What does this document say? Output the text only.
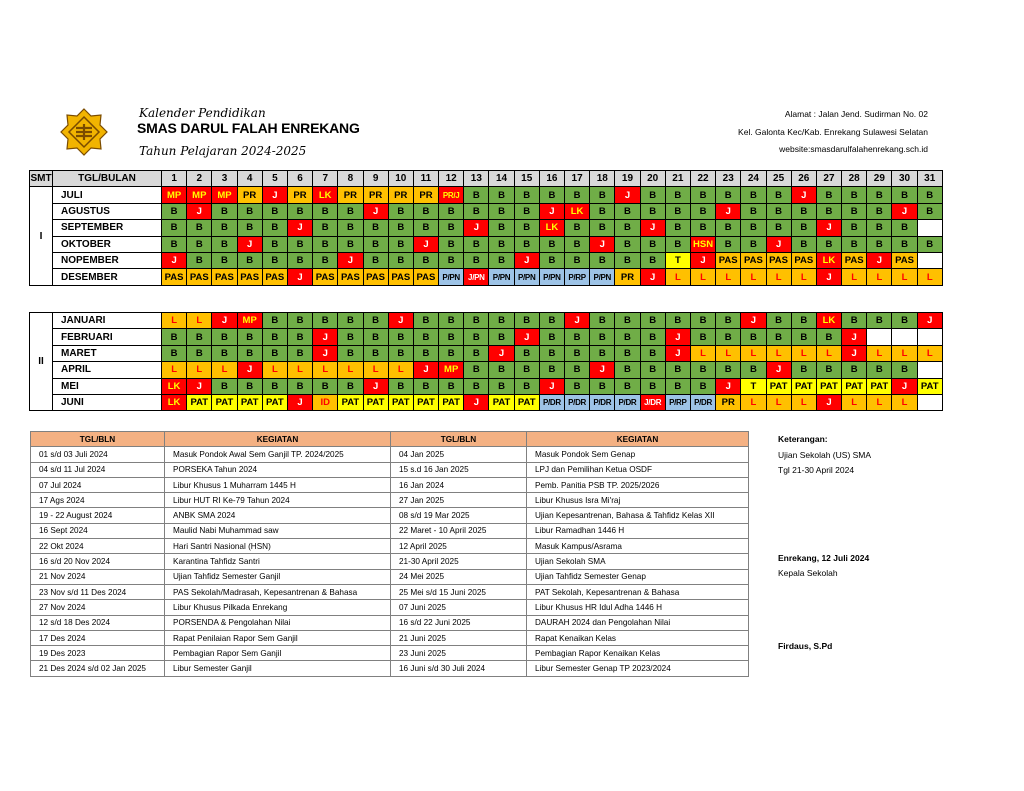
Kalender Pendidikan
SMAS DARUL FALAH ENREKANG
Tahun Pelajaran 2024-2025
Alamat : Jalan Jend. Sudirman No. 02
Kel. Galonta Kec/Kab. Enrekang Sulawesi Selatan
website:smasdarulfalahenrekang.sch.id
SMT	TGL/BULAN	1	2	3	4	5	6	7	8	9	10	11	12	13	14	15	16	17	18	19	20	21	22	23	24	25	26	27	28	29	30	31
I	JULI	MP	MP	MP	PR	J	PR	LK	PR	PR	PR	PR	PR/J	B	B	B	B	B	B	J	B	B	B	B	B	B	J	B	B	B	B	B
	AGUSTUS	B	J	B	B	B	B	B	B	J	B	B	B	B	B	B	J	LK	B	B	B	B	B	J	B	B	B	B	B	B	J	B
	SEPTEMBER	B	B	B	B	B	J	B	B	B	B	B	B	J	B	B	LK	B	B	B	J	B	B	B	B	B	B	J	B	B	B	
	OKTOBER	B	B	B	J	B	B	B	B	B	B	J	B	B	B	B	B	B	J	B	B	B	HSN	B	B	J	B	B	B	B	B	B
	NOPEMBER	J	B	B	B	B	B	B	J	B	B	B	B	B	B	J	B	B	B	B	B	T	J	PAS	PAS	PAS	PAS	LK	PAS	J	PAS	
	DESEMBER	PAS	PAS	PAS	PAS	PAS	J	PAS	PAS	PAS	PAS	PAS	P/PN	J/PN	P/PN	P/PN	P/PN	P/RP	P/PN	PR	J	L	L	L	L	L	L	J	L	L	L	L
II	JANUARI	L	L	J	MP	B	B	B	B	B	J	B	B	B	B	B	B	J	B	B	B	B	B	B	J	B	B	LK	B	B	B	J
	FEBRUARI	B	B	B	B	B	B	J	B	B	B	B	B	B	B	J	B	B	B	B	B	J	B	B	B	B	B	B	J			
	MARET	B	B	B	B	B	B	J	B	B	B	B	B	B	J	B	B	B	B	B	B	J	L	L	L	L	L	L	J	L	L	L
	APRIL	L	L	L	J	L	L	L	L	L	L	J	MP	B	B	B	B	B	J	B	B	B	B	B	B	J	B	B	B	B	B	
	MEI	LK	J	B	B	B	B	B	B	J	B	B	B	B	B	B	J	B	B	B	B	B	B	J	T	PAT	PAT	PAT	PAT	PAT	J	PAT
	JUNI	LK	PAT	PAT	PAT	PAT	J	ID	PAT	PAT	PAT	PAT	PAT	J	PAT	PAT	P/DR	P/DR	P/DR	P/DR	J/DR	P/RP	P/DR	PR	L	L	L	J	L	L	L	
TGL/BLN	KEGIATAN	TGL/BLN	KEGIATAN
01 s/d 03 Juli 2024	Masuk Pondok Awal Sem Ganjil TP. 2024/2025	04 Jan 2025	Masuk Pondok Sem Genap
04 s/d 11 Jul 2024	PORSEKA Tahun 2024	15 s.d 16 Jan 2025	LPJ dan Pemilihan Ketua OSDF
07 Jul 2024	Libur Khusus 1 Muharram 1445 H	16 Jan 2024	Pemb. Panitia PSB TP. 2025/2026
17 Ags 2024	Libur HUT RI Ke-79 Tahun 2024	27 Jan 2025	Libur Khusus Isra Mi'raj
19 - 22 August 2024	ANBK SMA 2024	08 s/d 19 Mar 2025	Ujian Kepesantrenan, Bahasa & Tahfidz Kelas XII
16 Sept 2024	Maulid Nabi Muhammad saw	22 Maret - 10 April 2025	Libur Ramadhan 1446 H
22 Okt 2024	Hari Santri Nasional (HSN)	12 April 2025	Masuk Kampus/Asrama
16 s/d 20 Nov 2024	Karantina Tahfidz Santri	21-30 April 2025	Ujian Sekolah SMA
21 Nov 2024	Ujian Tahfidz Semester Ganjil	24 Mei 2025	Ujian Tahfidz Semester Genap
23 Nov s/d 11 Des 2024	PAS Sekolah/Madrasah, Kepesantrenan & Bahasa	25 Mei s/d 15 Juni 2025	PAT Sekolah, Kepesantrenan & Bahasa
27 Nov 2024	Libur Khusus Pilkada Enrekang	07 Juni 2025	Libur Khusus HR Idul Adha 1446 H
12 s/d 18 Des 2024	PORSENDA & Pengolahan Nilai	16 s/d 22 Juni 2025	DAURAH 2024 dan Pengolahan Nilai
17 Des 2024	Rapat Penilaian Rapor Sem Ganjil	21 Juni 2025	Rapat Kenaikan Kelas
19 Des 2023	Pembagian Rapor Sem Ganjil	23 Juni 2025	Pembagian Rapor Kenaikan Kelas
21 Des 2024 s/d 02 Jan 2025	Libur Semester Ganjil	16 Juni s/d 30 Juli 2024	Libur Semester Genap TP 2023/2024
Keterangan:
Ujian Sekolah (US) SMA
Tgl 21-30 April 2024
Enrekang, 12 Juli 2024
Kepala Sekolah
Firdaus, S.Pd
